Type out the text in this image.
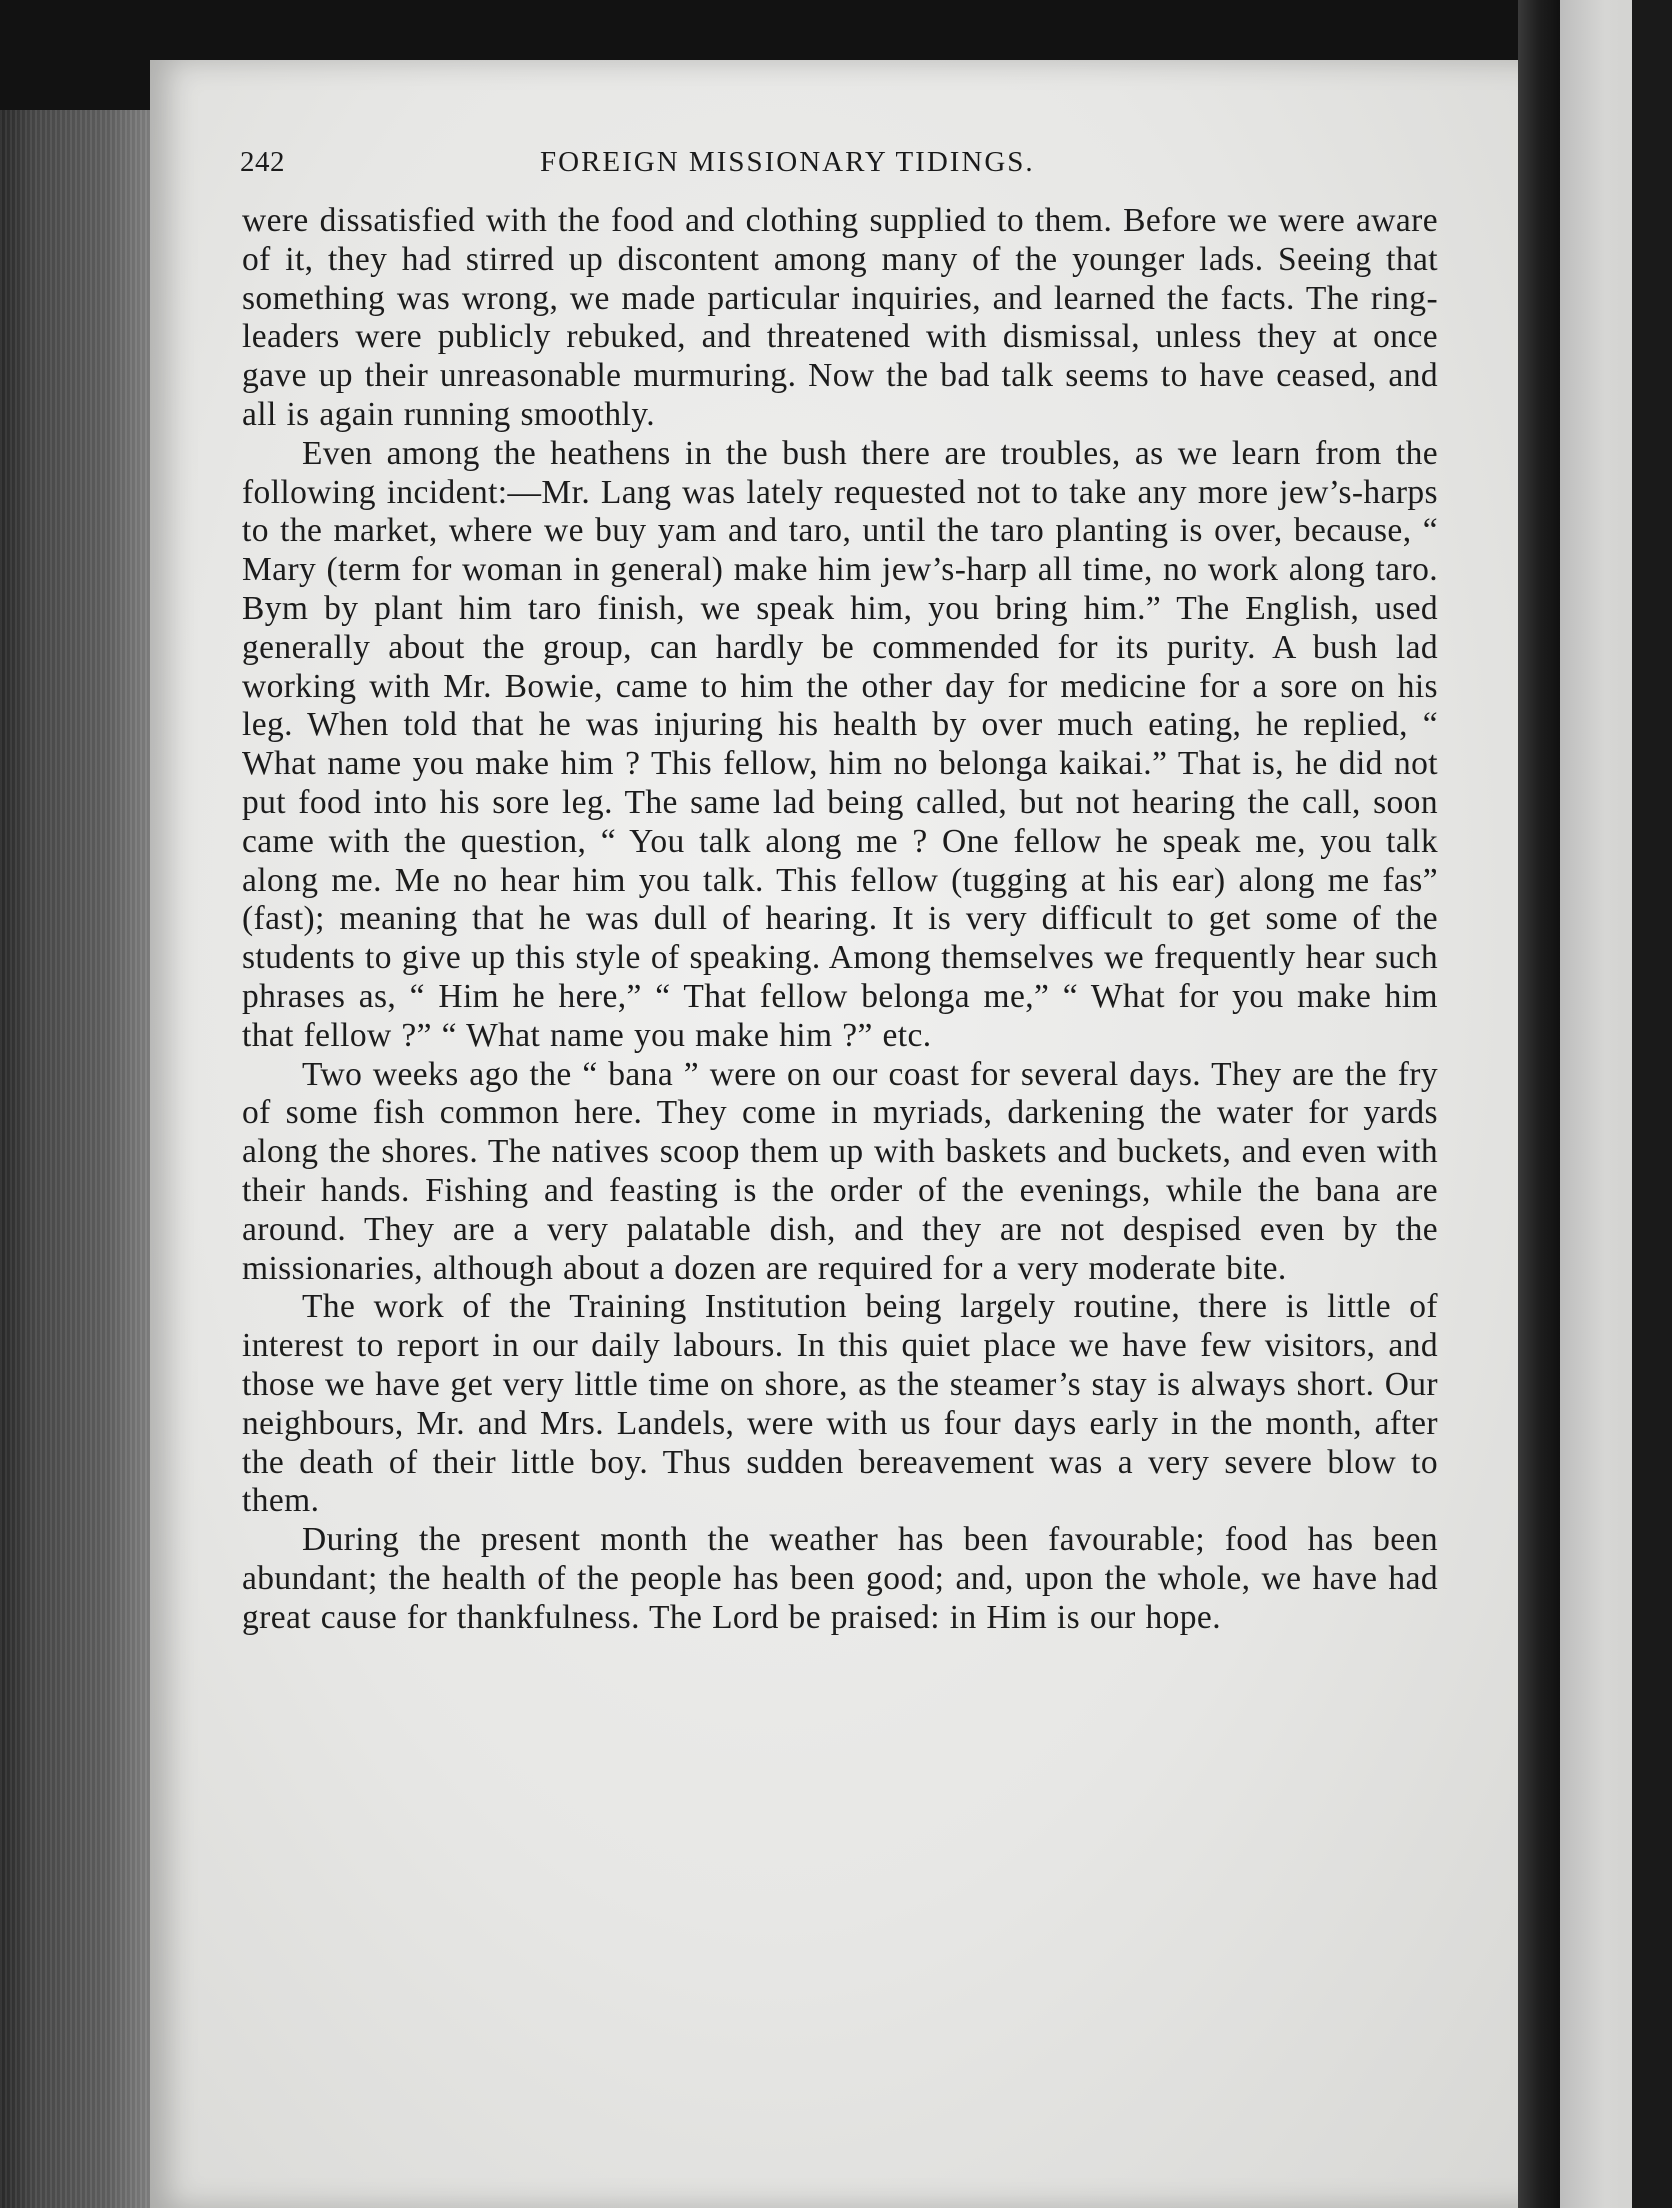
242	FOREIGN MISSIONARY TIDINGS.

were dissatisfied with the food and clothing supplied to them. Before we were aware of it, they had stirred up discontent among many of the younger lads. Seeing that something was wrong, we made particular inquiries, and learned the facts. The ring-leaders were publicly rebuked, and threatened with dismissal, unless they at once gave up their unreasonable murmuring. Now the bad talk seems to have ceased, and all is again running smoothly.

Even among the heathens in the bush there are troubles, as we learn from the following incident:—Mr. Lang was lately requested not to take any more jew’s-harps to the market, where we buy yam and taro, until the taro planting is over, because, “ Mary (term for woman in general) make him jew’s-harp all time, no work along taro. Bym by plant him taro finish, we speak him, you bring him.” The English, used generally about the group, can hardly be commended for its purity. A bush lad working with Mr. Bowie, came to him the other day for medicine for a sore on his leg. When told that he was injuring his health by over much eating, he replied, “ What name you make him ? This fellow, him no belonga kaikai.” That is, he did not put food into his sore leg. The same lad being called, but not hearing the call, soon came with the question, “ You talk along me ? One fellow he speak me, you talk along me. Me no hear him you talk. This fellow (tugging at his ear) along me fas” (fast); meaning that he was dull of hearing. It is very difficult to get some of the students to give up this style of speaking. Among themselves we frequently hear such phrases as, “ Him he here,” “ That fellow belonga me,” “ What for you make him that fellow ?” “ What name you make him ?” etc.

Two weeks ago the “ bana ” were on our coast for several days. They are the fry of some fish common here. They come in myriads, darkening the water for yards along the shores. The natives scoop them up with baskets and buckets, and even with their hands. Fishing and feasting is the order of the evenings, while the bana are around. They are a very palatable dish, and they are not despised even by the missionaries, although about a dozen are required for a very moderate bite.

The work of the Training Institution being largely routine, there is little of interest to report in our daily labours. In this quiet place we have few visitors, and those we have get very little time on shore, as the steamer’s stay is always short. Our neighbours, Mr. and Mrs. Landels, were with us four days early in the month, after the death of their little boy. Thus sudden bereavement was a very severe blow to them.

During the present month the weather has been favourable; food has been abundant; the health of the people has been good; and, upon the whole, we have had great cause for thankfulness. The Lord be praised: in Him is our hope.
